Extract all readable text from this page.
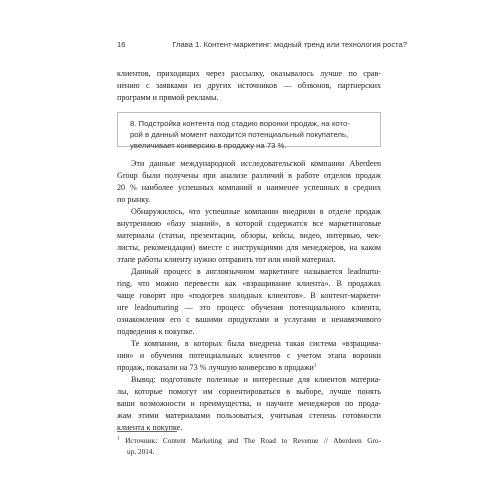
16	Глава 1. Контент-маркетинг: модный тренд или технология роста?
клиентов, приходящих через рассылку, оказывалось лучше по срав-
нению с заявками из других источников — обзвонов, партнерских
программ и прямой рекламы.
8. Подстройка контента под стадию воронки продаж, на кото-
рой в данный момент находится потенциальный покупатель,
увеличивает конверсию в продажу на 73 %.
Эти данные международной исследовательской компании Aberdeen
Group были получены при анализе различий в работе отделов продаж
20 % наиболее успешных компаний и наименее успешных в средних
по рынку.
Обнаружилось, что успешные компании внедрили в отделе продаж
внутреннюю «базу знаний», в которой содержатся все маркетинговые
материалы (статьи, презентации, обзоры, кейсы, видео, интервью, чек-
листы, рекомендации) вместе с инструкциями для менеджеров, на каком
этапе работы клиенту нужно отправить тот или иной материал.
Данный процесс в англоязычном маркетинге называется leadnurtu-
ring, что можно перевести как «взращивание клиента». В продажах
чаще говорят про «подогрев холодных клиентов». В контент-маркети-
нге leadnurturing — это процесс обучения потенциального клиента,
ознакомления его с вашими продуктами и услугами и ненавязчивого
подведения к покупке.
Те компании, в которых была внедрена такая система «взращива-
ния» и обучения потенциальных клиентов с учетом этапа воронки
продаж, показали на 73 % лучшую конверсию в продажи$^1$
Вывод: подготовьте полезные и интересные для клиентов материа-
лы, которые помогут им сориентироваться в выборе, лучше понять
ваши возможности и преимущества, и научите менеджеров по прода-
жам этими материалами пользоваться, учитывая степень готовности
клиента к покупке.
$^1$ Источник: Content Marketing and The Road to Revenue // Aberdeen Gro-
up, 2014.
